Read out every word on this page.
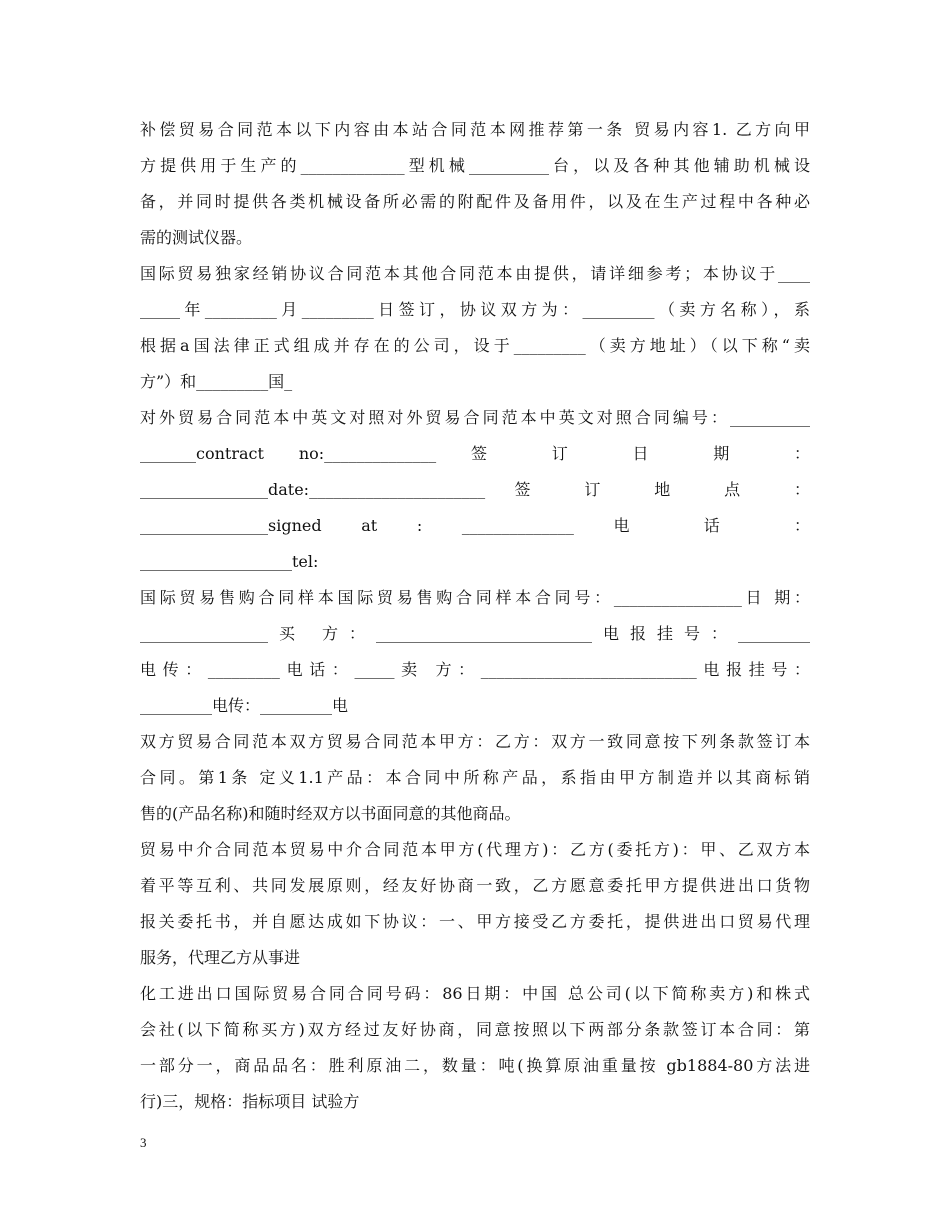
补偿贸易合同范本以下内容由本站合同范本网推荐第一条 贸易内容1. 乙方向甲
方提供用于生产的_____________型机械__________台，以及各种其他辅助机械设
备，并同时提供各类机械设备所必需的附配件及备用件，以及在生产过程中各种必
需的测试仪器。
国际贸易独家经销协议合同范本其他合同范本由提供，请详细参考；本协议于____
_____年_________月_________日签订，协议双方为：_________（卖方名称），系
根据a国法律正式组成并存在的公司，设于_________（卖方地址）（以下称“卖
方”）和_________国_
对外贸易合同范本中英文对照对外贸易合同范本中英文对照合同编号：__________
_______contract no:______________ 签 订 日 期 ：
________________date:______________________ 签 订 地 点 ：
________________signed at : ______________ 电 话 ：
___________________tel:
国际贸易售购合同样本国际贸易售购合同样本合同号：________________日 期：
________________买 方：___________________________电报挂号：_________
电传：_________电话：_____卖 方：___________________________电报挂号：
_________电传：_________电
双方贸易合同范本双方贸易合同范本甲方：乙方：双方一致同意按下列条款签订本
合同。第1条 定义1.1产品：本合同中所称产品，系指由甲方制造并以其商标销
售的(产品名称)和随时经双方以书面同意的其他商品。
贸易中介合同范本贸易中介合同范本甲方(代理方)：乙方(委托方)：甲、乙双方本
着平等互利、共同发展原则，经友好协商一致，乙方愿意委托甲方提供进出口货物
报关委托书，并自愿达成如下协议：一、甲方接受乙方委托，提供进出口贸易代理
服务，代理乙方从事进
化工进出口国际贸易合同合同号码：86日期：中国 总公司(以下简称卖方)和株式
会社(以下简称买方)双方经过友好协商，同意按照以下两部分条款签订本合同：第
一部分一，商品品名：胜利原油二，数量：吨(换算原油重量按 gb1884-80方法进
行)三，规格：指标项目 试验方
3
